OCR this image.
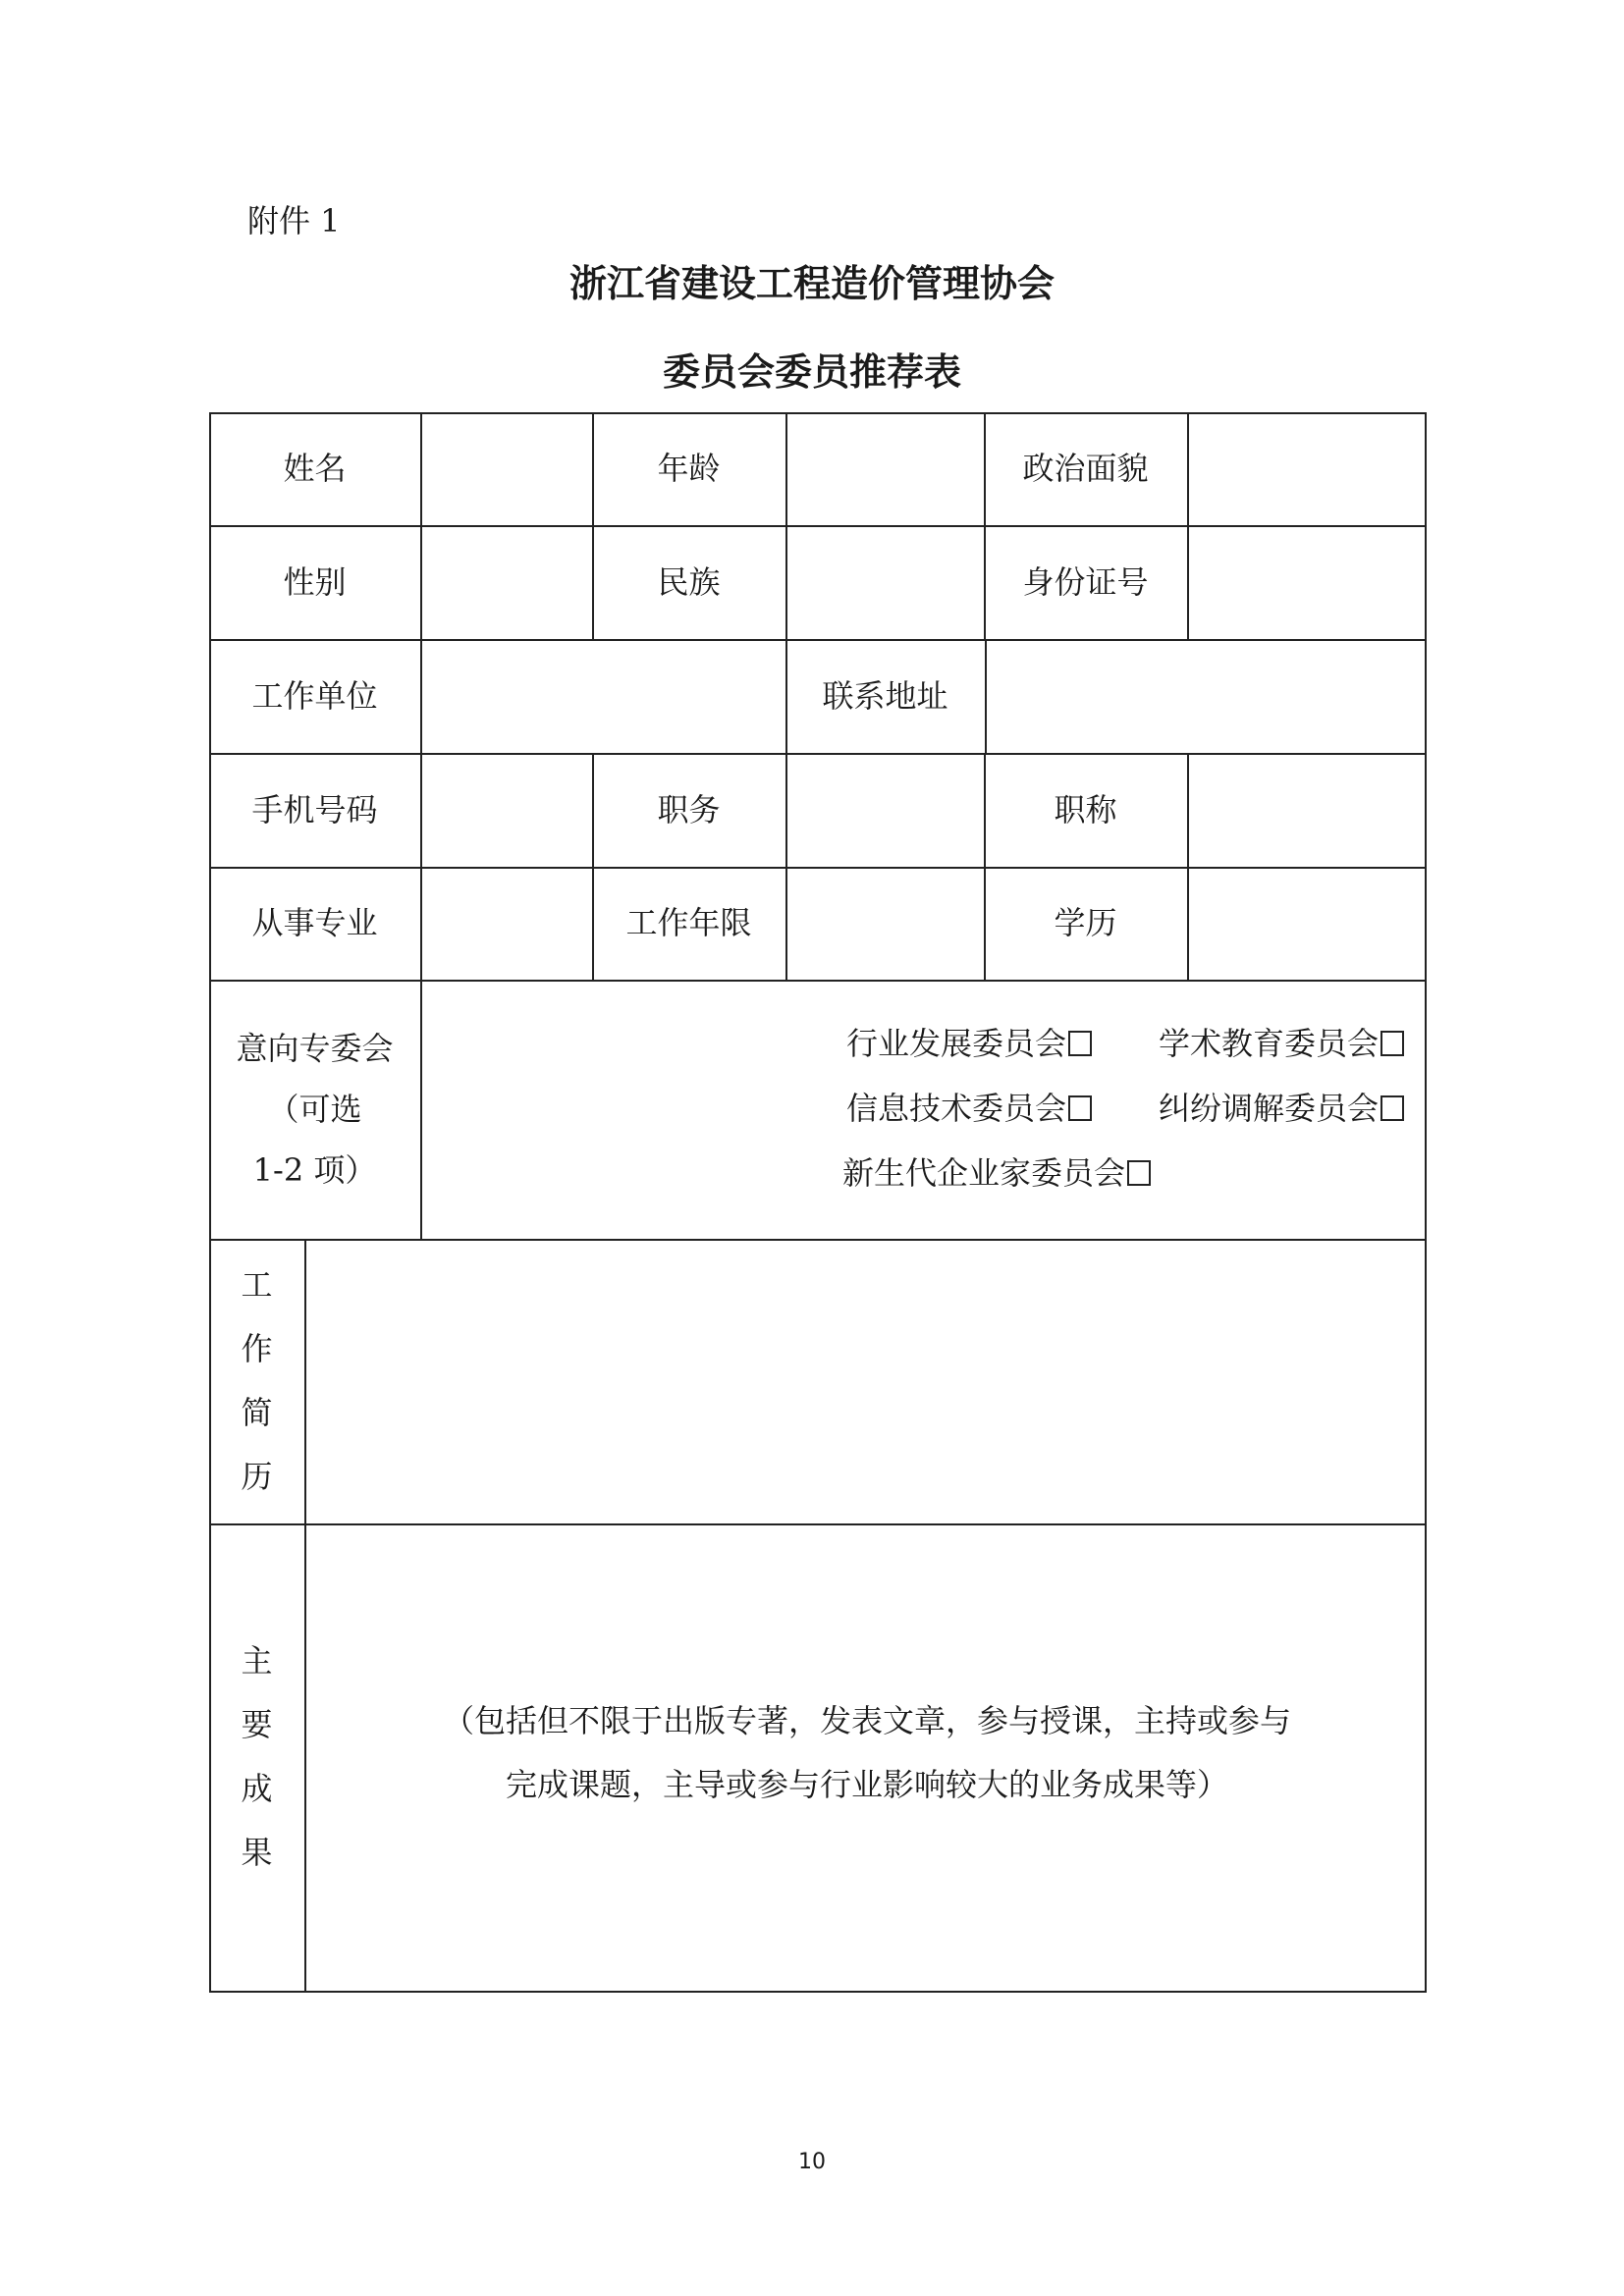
附件 1
浙江省建设工程造价管理协会
委员会委员推荐表
姓名	年龄	政治面貌
性别	民族	身份证号
工作单位	联系地址
手机号码	职务	职称
从事专业	工作年限	学历
意向专委会
（可选
1-2 项）
行业发展委员会	学术教育委员会
信息技术委员会	纠纷调解委员会
新生代企业家委员会
工
作
简
历
主
要
成
果
（包括但不限于出版专著，发表文章，参与授课，主持或参与
完成课题，主导或参与行业影响较大的业务成果等）
10
